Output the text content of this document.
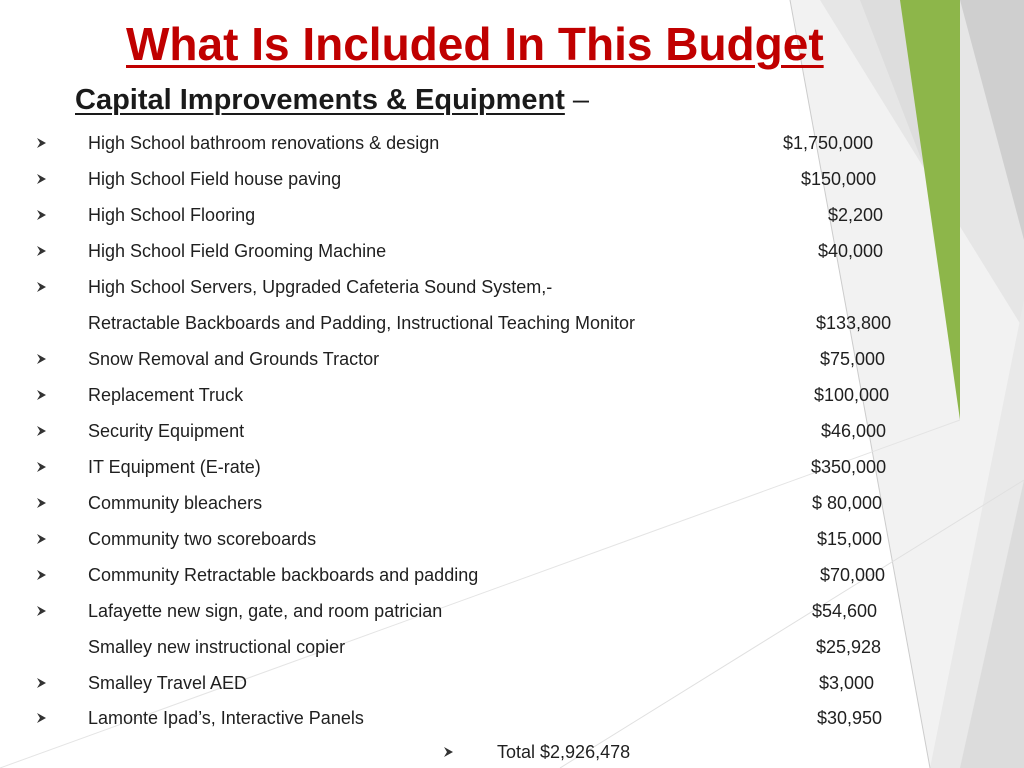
What Is Included In This Budget
Capital Improvements & Equipment –
High School bathroom renovations & design	$1,750,000
High School Field house paving	$150,000
High School Flooring	$2,200
High School Field Grooming Machine	$40,000
High School Servers, Upgraded Cafeteria Sound System,-
Retractable Backboards and Padding, Instructional Teaching Monitor	$133,800
Snow Removal and Grounds Tractor	$75,000
Replacement Truck	$100,000
Security Equipment	$46,000
IT Equipment (E-rate)	$350,000
Community bleachers	$ 80,000
Community two scoreboards	$15,000
Community Retractable backboards and padding	$70,000
Lafayette new sign, gate, and room patrician	$54,600
Smalley new instructional copier	$25,928
Smalley Travel AED	$3,000
Lamonte Ipad’s, Interactive Panels	$30,950
Total $2,926,478
